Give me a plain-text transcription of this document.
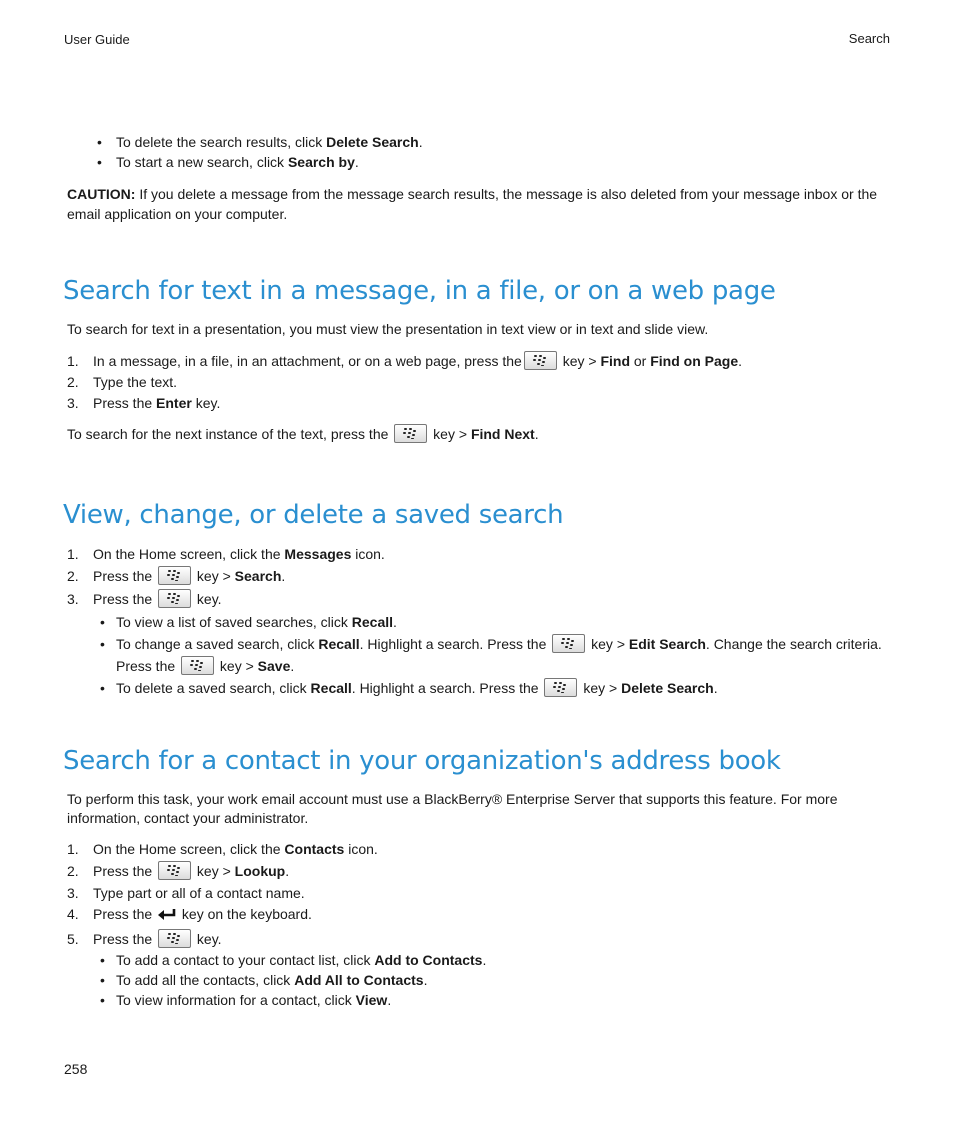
User Guide	Search
• To delete the search results, click Delete Search.
• To start a new search, click Search by.

CAUTION: If you delete a message from the message search results, the message is also deleted from your message inbox or the email application on your computer.

Search for text in a message, in a file, or on a web page

To search for text in a presentation, you must view the presentation in text view or in text and slide view.

1. In a message, in a file, in an attachment, or on a web page, press the	key > Find or Find on Page.
2. Type the text.
3. Press the Enter key.

To search for the next instance of the text, press the	key > Find Next.

View, change, or delete a saved search
1. On the Home screen, click the Messages icon.
2. Press the	key > Search.
3. Press the	key.
• To view a list of saved searches, click Recall.
• To change a saved search, click Recall. Highlight a search. Press the	key > Edit Search. Change the search criteria. Press the	key > Save.
• To delete a saved search, click Recall. Highlight a search. Press the	key > Delete Search.
Search for a contact in your organization's address book

To perform this task, your work email account must use a BlackBerry® Enterprise Server that supports this feature. For more information, contact your administrator.

1. On the Home screen, click the Contacts icon.
2. Press the	key > Lookup.
3. Type part or all of a contact name.
4. Press the  key on the keyboard.
5. Press the	key.
• To add a contact to your contact list, click Add to Contacts.
• To add all the contacts, click Add All to Contacts.
• To view information for a contact, click View.
258
